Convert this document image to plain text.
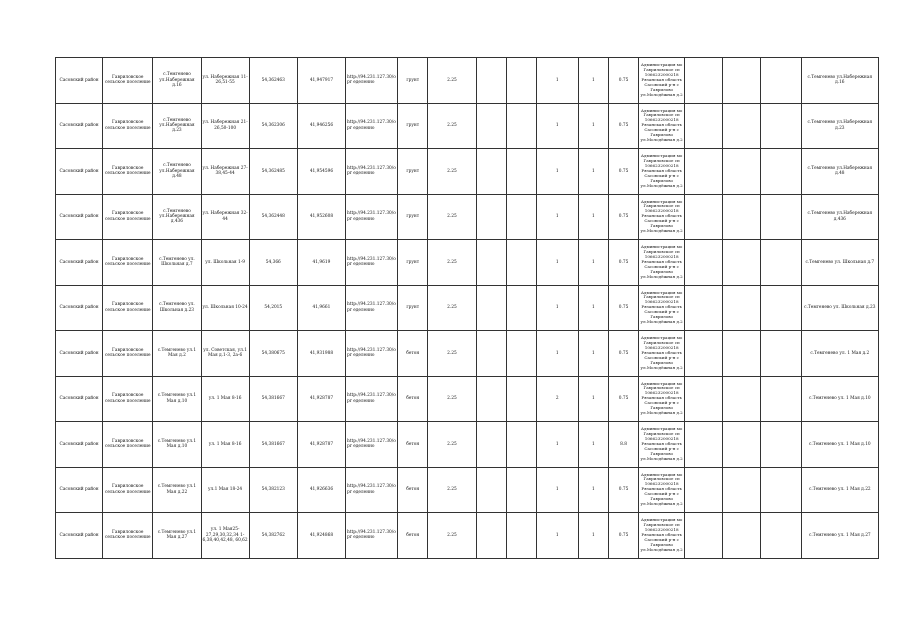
Сасовский район	Гавриловское сельское поселение	с.Темгенево ул.Набережная д.16	ул. Набережная 11-26,51-55	54,362463	41,947917	http://94.231.127.30/opr eделенно	грунт	2.25			1	1	0.75	Администрация мо Гавриловское сп 1066232000218 Рязанская область Сасовский р-н с Гаврилово ул.Молодёжная д.2				с.Темгенево ул.Набережная д.16
Сасовский район	Гавриловское сельское поселение	с.Темгенево ул.Набережная д.23	ул. Набережная 21-26,50-100	54,362306	41,946256	http://94.231.127.30/opr eделенно	грунт	2.25			1	1	0.75	Администрация мо Гавриловское сп 1066232000218 Рязанская область Сасовский р-н с Гаврилово ул.Молодёжная д.2				с.Темгенево ул.Набережная д.23
Сасовский район	Гавриловское сельское поселение	с.Темгенево ул.Набережная д.48	ул. Набережная 27-38,45-44	54,362485	41,954596	http://94.231.127.30/opr eделенно	грунт	2.25			1	1	0.75	Администрация мо Гавриловское сп 1066232000218 Рязанская область Сасовский р-н с Гаврилово ул.Молодёжная д.2				с.Темгенево ул.Набережная д.48
Сасовский район	Гавриловское сельское поселение	с.Темгенево ул.Набережная д.436	ул. Набережная 32-44	54,362448	41,952608	http://94.231.127.30/opr eделенно	грунт	2.25			1	1	0.75	Администрация мо Гавриловское сп 1066232000218 Рязанская область Сасовский р-н с Гаврилово ул.Молодёжная д.2				с.Темгенево ул.Набережная д.436
Сасовский район	Гавриловское сельское поселение	с.Темгенево ул. Школьная д.7	ул. Школьная 1-9	54,366	41,9619	http://94.231.127.30/opr eделенно	грунт	2.25			1	1	0.75	Администрация мо Гавриловское сп 1066232000218 Рязанская область Сасовский р-н с Гаврилово ул.Молодёжная д.2				с.Темгенево ул. Школьная д.7
Сасовский район	Гавриловское сельское поселение	с.Темгенево ул. Школьная д.23	ул. Школьная 10-24	54,2015	41,9661	http://94.231.127.30/opr eделенно	грунт	2.25			1	1	0.75	Администрация мо Гавриловское сп 1066232000218 Рязанская область Сасовский р-н с Гаврилово ул.Молодёжная д.2				с.Темгенево ул. Школьная д.23
Сасовский район	Гавриловское сельское поселение	с.Темгенево ул.1 Мая д.2	ул. Советская, ул.1 Мая д.1-3, 2а-6	54,380675	41,931988	http://94.231.127.30/opr eделенно	бетон	2.25			1	1	0.75	Администрация мо Гавриловское сп 1066232000218 Рязанская область Сасовский р-н с Гаврилово ул.Молодёжная д.2				с.Темгенево ул. 1 Мая д.2
Сасовский район	Гавриловское сельское поселение	с.Темгенево ул.1 Мая д.10	ул. 1 Мая 8-16	54,381667	41,928787	http://94.231.127.30/opr eделенно	бетон	2.25			2	1	0.75	Администрация мо Гавриловское сп 1066232000218 Рязанская область Сасовский р-н с Гаврилово ул.Молодёжная д.2				с.Темгенево ул. 1 Мая д.10
Сасовский район	Гавриловское сельское поселение	с.Темгенево ул.1 Мая д.10	ул. 1 Мая 8-16	54,381667	41,928787	http://94.231.127.30/opr eделенно	бетон	2.25			1	1	8.8	Администрация мо Гавриловское сп 1066232000218 Рязанская область Сасовский р-н с Гаврилово ул.Молодёжная д.2				с.Темгенево ул. 1 Мая д.10
Сасовский район	Гавриловское сельское поселение	с.Темгенево ул.1 Мая д.22	ул.1 Мая 18-24	54,382123	41,926636	http://94.231.127.30/opr eделенно	бетон	2.25			1	1	0.75	Администрация мо Гавриловское сп 1066232000218 Рязанская область Сасовский р-н с Гаврилово ул.Молодёжная д.2				с.Темгенево ул. 1 Мая д.22
Сасовский район	Гавриловское сельское поселение	с.Темгенево ул.1 Мая д.27	ул. 1 Мая25-27,29,30,32,34 1-6,38,40,42,48, 60,62	54,382762	41,924868	http://94.231.127.30/opr eделенно	бетон	2.25			1	1	0.75	Администрация мо Гавриловское сп 1066232000218 Рязанская область Сасовский р-н с Гаврилово ул.Молодёжная д.2				с.Темгенево ул. 1 Мая д.27
